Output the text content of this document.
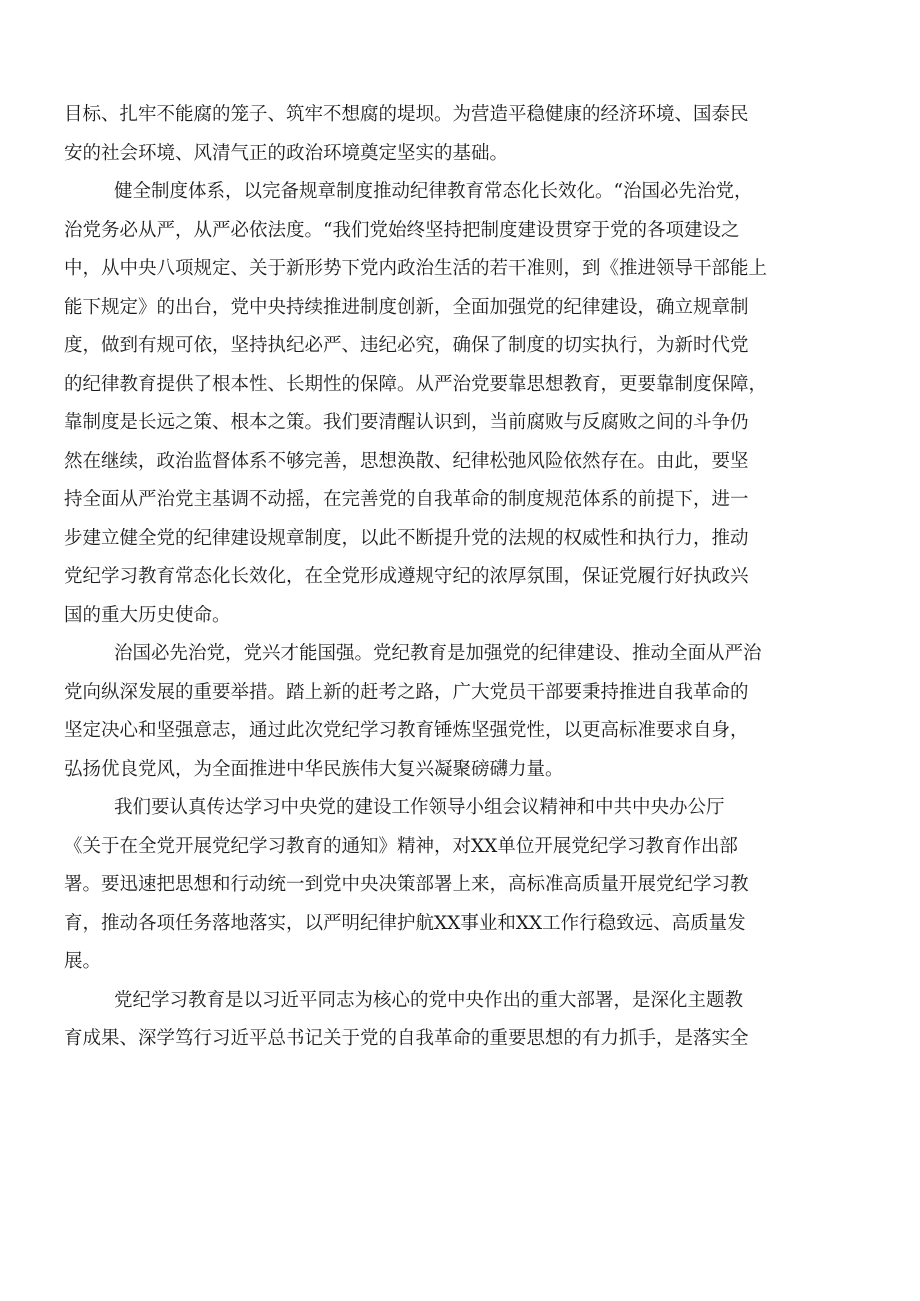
目标、扎牢不能腐的笼子、筑牢不想腐的堤坝。为营造平稳健康的经济环境、国泰民
安的社会环境、风清气正的政治环境奠定坚实的基础。

健全制度体系，以完备规章制度推动纪律教育常态化长效化。“治国必先治党，
治党务必从严，从严必依法度。“我们党始终坚持把制度建设贯穿于党的各项建设之
中，从中央八项规定、关于新形势下党内政治生活的若干准则，到《推进领导干部能上
能下规定》的出台，党中央持续推进制度创新，全面加强党的纪律建设，确立规章制
度，做到有规可依，坚持执纪必严、违纪必究，确保了制度的切实执行，为新时代党
的纪律教育提供了根本性、长期性的保障。从严治党要靠思想教育，更要靠制度保障，
靠制度是长远之策、根本之策。我们要清醒认识到，当前腐败与反腐败之间的斗争仍
然在继续，政治监督体系不够完善，思想涣散、纪律松弛风险依然存在。由此，要坚
持全面从严治党主基调不动摇，在完善党的自我革命的制度规范体系的前提下，进一
步建立健全党的纪律建设规章制度，以此不断提升党的法规的权威性和执行力，推动
党纪学习教育常态化长效化，在全党形成遵规守纪的浓厚氛围，保证党履行好执政兴
国的重大历史使命。

治国必先治党，党兴才能国强。党纪教育是加强党的纪律建设、推动全面从严治
党向纵深发展的重要举措。踏上新的赶考之路，广大党员干部要秉持推进自我革命的
坚定决心和坚强意志，通过此次党纪学习教育锤炼坚强党性，以更高标准要求自身，
弘扬优良党风，为全面推进中华民族伟大复兴凝聚磅礴力量。

我们要认真传达学习中央党的建设工作领导小组会议精神和中共中央办公厅
《关于在全党开展党纪学习教育的通知》精神，对XX单位开展党纪学习教育作出部
署。要迅速把思想和行动统一到党中央决策部署上来，高标准高质量开展党纪学习教
育，推动各项任务落地落实，以严明纪律护航XX事业和XX工作行稳致远、高质量发
展。

党纪学习教育是以习近平同志为核心的党中央作出的重大部署，是深化主题教
育成果、深学笃行习近平总书记关于党的自我革命的重要思想的有力抓手，是落实全
